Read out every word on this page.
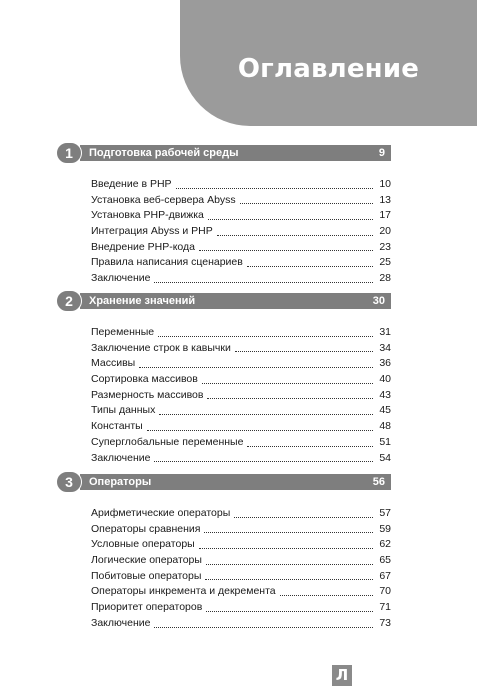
Оглавление
1	Подготовка рабочей среды	9
Введение в PHP	10
Установка веб-сервера Abyss	13
Установка PHP-движка	17
Интеграция Abyss и PHP	20
Внедрение PHP-кода	23
Правила написания сценариев	25
Заключение	28
2	Хранение значений	30
Переменные	31
Заключение строк в кавычки	34
Массивы	36
Сортировка массивов	40
Размерность массивов	43
Типы данных	45
Константы	48
Суперглобальные переменные	51
Заключение	54
3	Операторы	56
Арифметические операторы	57
Операторы сравнения	59
Условные операторы	62
Логические операторы	65
Побитовые операторы	67
Операторы инкремента и декремента	70
Приоритет операторов	71
Заключение	73
Л
